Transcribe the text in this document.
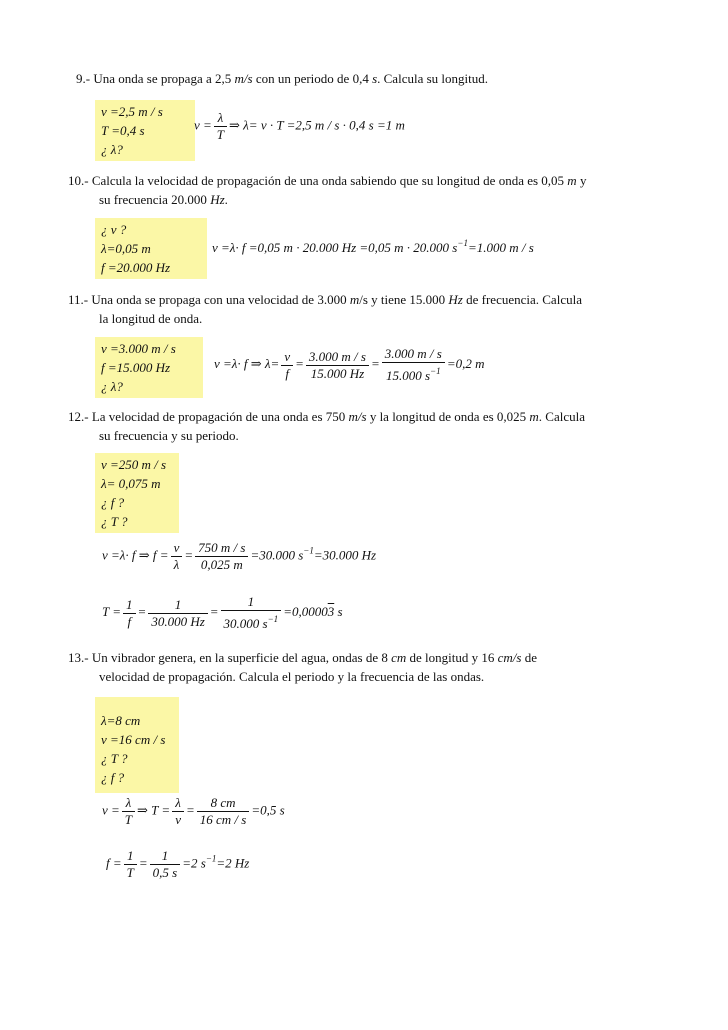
9.- Una onda se propaga a 2,5 m/s con un periodo de 0,4 s. Calcula su longitud.
v =2,5 m / s
T =0,4 s
¿ λ?
$v = \frac{\lambda}{T}$ ⇒ λ= v · T =2,5 m / s · 0,4 s =1 m
10.- Calcula la velocidad de propagación de una onda sabiendo que su longitud de onda es 0,05 m y
su frecuencia 20.000 Hz.
¿ v ?
λ=0,05 m
f =20.000 Hz
v =λ· f =0,05 m · 20.000 Hz =0,05 m · 20.000 $s^{-1}=1.000$ m / s
11.- Una onda se propaga con una velocidad de 3.000 m/s y tiene 15.000 Hz de frecuencia. Calcula
la longitud de onda.
v =3.000 m / s
f =15.000 Hz
¿ λ?
v =λ· f ⇒ $\lambda= \frac{v}{f} = \frac{3.000 m / s}{15.000 Hz} = \frac{3.000 m / s}{15.000 s^{-1}} =0,2$ m
12.- La velocidad de propagación de una onda es 750 m/s y la longitud de onda es 0,025 m. Calcula
su frecuencia y su periodo.
v =250 m / s
λ= 0,075 m
¿ f ?
¿ T ?
v =λ· f ⇒ $f = \frac{v}{\lambda} = \frac{750 m / s}{0,025 m} =30.000$ $s^{-1}=30.000$ Hz
$T = \frac{1}{f} = \frac{1}{30.000 Hz} = \frac{1}{30.000 s^{-1}} =0,00003$ s
13.- Un vibrador genera, en la superficie del agua, ondas de 8 cm de longitud y 16 cm/s de
velocidad de propagación. Calcula el periodo y la frecuencia de las ondas.
λ=8 cm
v =16 cm / s
¿ T ?
¿ f ?
$v = \frac{\lambda}{T}$ ⇒ $T = \frac{\lambda}{v} = \frac{8 cm}{16 cm / s} =0,5$ s
$f = \frac{1}{T} = \frac{1}{0,5 s} =2$ $s^{-1}=2$ Hz
